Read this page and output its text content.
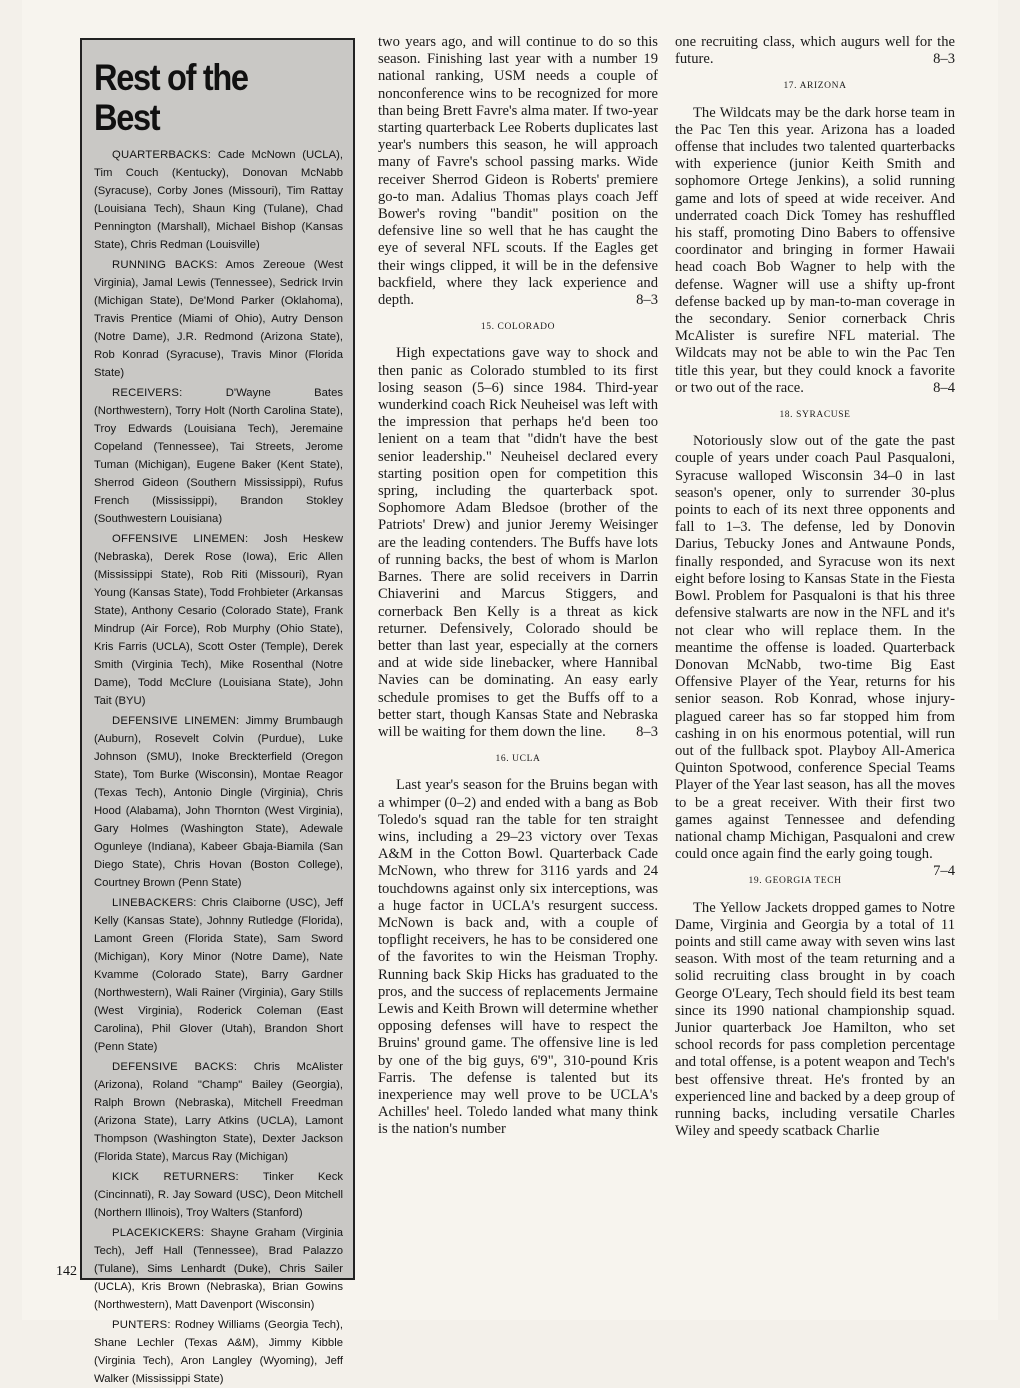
Rest of the Best

QUARTERBACKS: Cade McNown (UCLA), Tim Couch (Kentucky), Donovan McNabb (Syracuse), Corby Jones (Missouri), Tim Rattay (Louisiana Tech), Shaun King (Tulane), Chad Pennington (Marshall), Michael Bishop (Kansas State), Chris Redman (Louisville)

RUNNING BACKS: Amos Zereoue (West Virginia), Jamal Lewis (Tennessee), Sedrick Irvin (Michigan State), De'Mond Parker (Oklahoma), Travis Prentice (Miami of Ohio), Autry Denson (Notre Dame), J.R. Redmond (Arizona State), Rob Konrad (Syracuse), Travis Minor (Florida State)

RECEIVERS:	D'Wayne Bates (Northwestern), Torry Holt (North Carolina State), Troy Edwards (Louisiana Tech), Jeremaine Copeland (Tennessee), Tai Streets, Jerome Tuman (Michigan), Eugene Baker (Kent State), Sherrod Gideon (Southern Mississippi), Rufus French (Mississippi), Brandon Stokley (Southwestern Louisiana)

OFFENSIVE LINEMEN: Josh Heskew (Nebraska), Derek Rose (Iowa), Eric Allen (Mississippi State), Rob Riti (Missouri), Ryan Young (Kansas State), Todd Frohbieter (Arkansas State), Anthony Cesario (Colorado State), Frank Mindrup (Air Force), Rob Murphy (Ohio State), Kris Farris (UCLA), Scott Oster (Temple), Derek Smith (Virginia Tech), Mike Rosenthal (Notre Dame), Todd McClure (Louisiana State), John Tait (BYU)

DEFENSIVE LINEMEN: Jimmy Brumbaugh (Auburn), Rosevelt Colvin (Purdue), Luke Johnson (SMU), Inoke Breckterfield (Oregon State), Tom Burke (Wisconsin), Montae Reagor (Texas Tech), Antonio Dingle (Virginia), Chris Hood (Alabama), John Thornton (West Virginia), Gary Holmes (Washington State), Adewale Ogunleye (Indiana), Kabeer Gbaja-Biamila (San Diego State), Chris Hovan (Boston College), Courtney Brown (Penn State)

LINEBACKERS: Chris Claiborne (USC), Jeff Kelly (Kansas State), Johnny Rutledge (Florida), Lamont Green (Florida State), Sam Sword (Michigan), Kory Minor (Notre Dame), Nate Kvamme (Colorado State), Barry Gardner (Northwestern), Wali Rainer (Virginia), Gary Stills (West Virginia), Roderick Coleman (East Carolina), Phil Glover (Utah), Brandon Short (Penn State)

DEFENSIVE BACKS: Chris McAlister (Arizona), Roland "Champ" Bailey (Georgia), Ralph Brown (Nebraska), Mitchell Freedman (Arizona State), Larry Atkins (UCLA), Lamont Thompson (Washington State), Dexter Jackson (Florida State), Marcus Ray (Michigan)

KICK RETURNERS: Tinker Keck (Cincinnati), R. Jay Soward (USC), Deon Mitchell (Northern Illinois), Troy Walters (Stanford)

PLACEKICKERS: Shayne Graham (Virginia Tech), Jeff Hall (Tennessee), Brad Palazzo (Tulane), Sims Lenhardt (Duke), Chris Sailer (UCLA), Kris Brown (Nebraska), Brian Gowins (Northwestern), Matt Davenport (Wisconsin)

PUNTERS: Rodney Williams (Georgia Tech), Shane Lechler (Texas A&M), Jimmy Kibble (Virginia Tech), Aron Langley (Wyoming), Jeff Walker (Mississippi State)

two years ago, and will continue to do so this season. Finishing last year with a number 19 national ranking, USM needs a couple of nonconference wins to be recognized for more than being Brett Favre's alma mater. If two-year starting quarterback Lee Roberts duplicates last year's numbers this season, he will approach many of Favre's school passing marks. Wide receiver Sherrod Gideon is Roberts' premiere go-to man. Adalius Thomas plays coach Jeff Bower's roving "bandit" position on the defensive line so well that he has caught the eye of several NFL scouts. If the Eagles get their wings clipped, it will be in the defensive backfield, where they lack experience and depth.	8–3

15. COLORADO

High expectations gave way to shock and then panic as Colorado stumbled to its first losing season (5–6) since 1984. Third-year wunderkind coach Rick Neuheisel was left with the impression that perhaps he'd been too lenient on a team that "didn't have the best senior leadership." Neuheisel declared every starting position open for competition this spring, including the quarterback spot. Sophomore Adam Bledsoe (brother of the Patriots' Drew) and junior Jeremy Weisinger are the leading contenders. The Buffs have lots of running backs, the best of whom is Marlon Barnes. There are solid receivers in Darrin Chiaverini and Marcus Stiggers, and cornerback Ben Kelly is a threat as kick returner. Defensively, Colorado should be better than last year, especially at the corners and at wide side linebacker, where Hannibal Navies can be dominating. An easy early schedule promises to get the Buffs off to a better start, though Kansas State and Nebraska will be waiting for them down the line.	8–3

16. UCLA

Last year's season for the Bruins began with a whimper (0–2) and ended with a bang as Bob Toledo's squad ran the table for ten straight wins, including a 29–23 victory over Texas A&M in the Cotton Bowl. Quarterback Cade McNown, who threw for 3116 yards and 24 touchdowns against only six interceptions, was a huge factor in UCLA's resurgent success. McNown is back and, with a couple of topflight receivers, he has to be considered one of the favorites to win the Heisman Trophy. Running back Skip Hicks has graduated to the pros, and the success of replacements Jermaine Lewis and Keith Brown will determine whether opposing defenses will have to respect the Bruins' ground game. The offensive line is led by one of the big guys, 6'9", 310-pound Kris Farris. The defense is talented but its inexperience may well prove to be UCLA's Achilles' heel. Toledo landed what many think is the nation's number

one recruiting class, which augurs well for the future.	8–3

17. ARIZONA

The Wildcats may be the dark horse team in the Pac Ten this year. Arizona has a loaded offense that includes two talented quarterbacks with experience (junior Keith Smith and sophomore Ortege Jenkins), a solid running game and lots of speed at wide receiver. And underrated coach Dick Tomey has reshuffled his staff, promoting Dino Babers to offensive coordinator and bringing in former Hawaii head coach Bob Wagner to help with the defense. Wagner will use a shifty up-front defense backed up by man-to-man coverage in the secondary. Senior cornerback Chris McAlister is surefire NFL material. The Wildcats may not be able to win the Pac Ten title this year, but they could knock a favorite or two out of the race.	8–4

18. SYRACUSE

Notoriously slow out of the gate the past couple of years under coach Paul Pasqualoni, Syracuse walloped Wisconsin 34–0 in last season's opener, only to surrender 30-plus points to each of its next three opponents and fall to 1–3. The defense, led by Donovin Darius, Tebucky Jones and Antwaune Ponds, finally responded, and Syracuse won its next eight before losing to Kansas State in the Fiesta Bowl. Problem for Pasqualoni is that his three defensive stalwarts are now in the NFL and it's not clear who will replace them. In the meantime the offense is loaded. Quarterback Donovan McNabb, two-time Big East Offensive Player of the Year, returns for his senior season. Rob Konrad, whose injury-plagued career has so far stopped him from cashing in on his enormous potential, will run out of the fullback spot. Playboy All-America Quinton Spotwood, conference Special Teams Player of the Year last season, has all the moves to be a great receiver. With their first two games against Tennessee and defending national champ Michigan, Pasqualoni and crew could once again find the early going tough.
7–4

19. GEORGIA TECH

The Yellow Jackets dropped games to Notre Dame, Virginia and Georgia by a total of 11 points and still came away with seven wins last season. With most of the team returning and a solid recruiting class brought in by coach George O'Leary, Tech should field its best team since its 1990 national championship squad. Junior quarterback Joe Hamilton, who set school records for pass completion percentage and total offense, is a potent weapon and Tech's best offensive threat. He's fronted by an experienced line and backed by a deep group of running backs, including versatile Charles Wiley and speedy scatback Charlie

142
